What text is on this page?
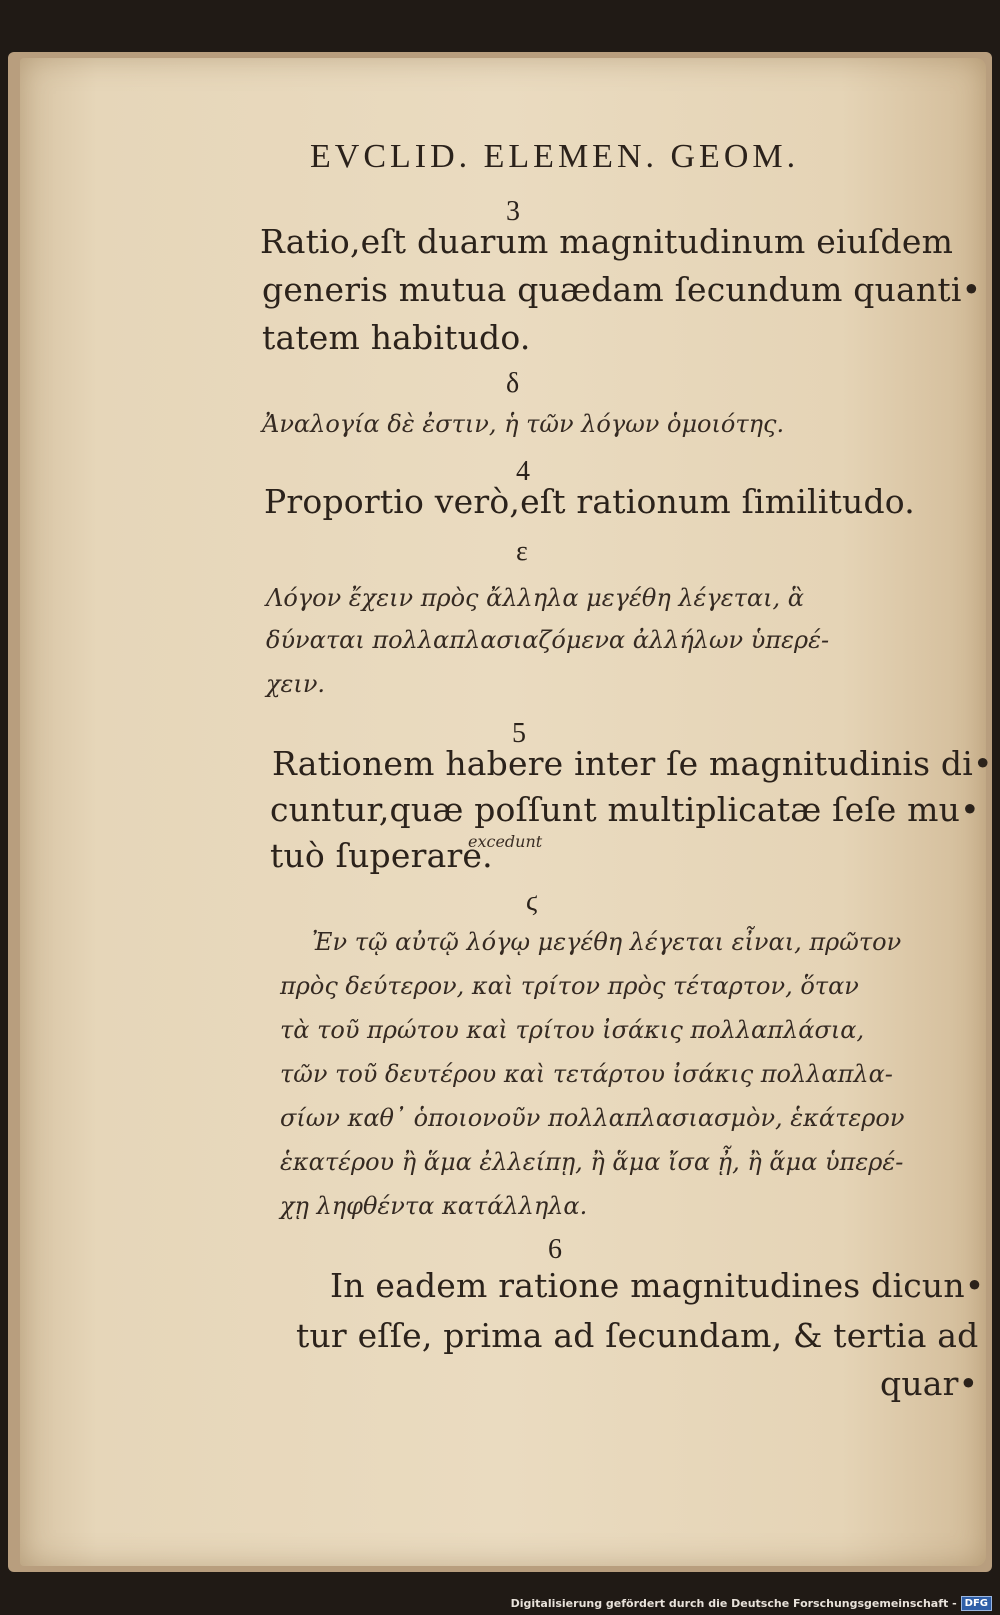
EVCLID. ELEMEN. GEOM.

3

Ratio,eſt duarum magnitudinum eiuſdem

generis mutua quædam ſecundum quanti•

tatem habitudo.

δ

Ἀναλογία δὲ ἐστιν, ἡ τῶν λόγων ὁμοιότης.

4

Proportio verò,eſt rationum ſimilitudo.

ε

Λόγον ἔχειν πρὸς ἄλληλα μεγέθη λέγεται, ἃ

δύναται πολλαπλασιαζόμενα ἀλλήλων ὑπερέ-

χειν.

5

Rationem habere inter ſe magnitudinis di•

cuntur,quæ poſſunt multiplicatæ ſeſe mu•

tuò ſuperare.

excedunt

ϛ

Ἐν τῷ αὐτῷ λόγῳ μεγέθη λέγεται εἶναι, πρῶτον

πρὸς δεύτερον, καὶ τρίτον πρὸς τέταρτον, ὅταν

τὰ τοῦ πρώτου καὶ τρίτου ἰσάκις πολλαπλάσια,

τῶν τοῦ δευτέρου καὶ τετάρτου ἰσάκις πολλαπλα-

σίων καθ᾽ ὁποιονοῦν πολλαπλασιασμὸν, ἑκάτερον

ἑκατέρου ἢ ἅμα ἐλλείπῃ, ἢ ἅμα ἴσα ᾖ, ἢ ἅμα ὑπερέ-

χῃ ληφθέντα κατάλληλα.

6

In eadem ratione magnitudines dicun•

tur eſſe, prima ad ſecundam, & tertia ad

quar•

Digitalisierung gefördert durch die Deutsche Forschungsgemeinschaft - DFG
